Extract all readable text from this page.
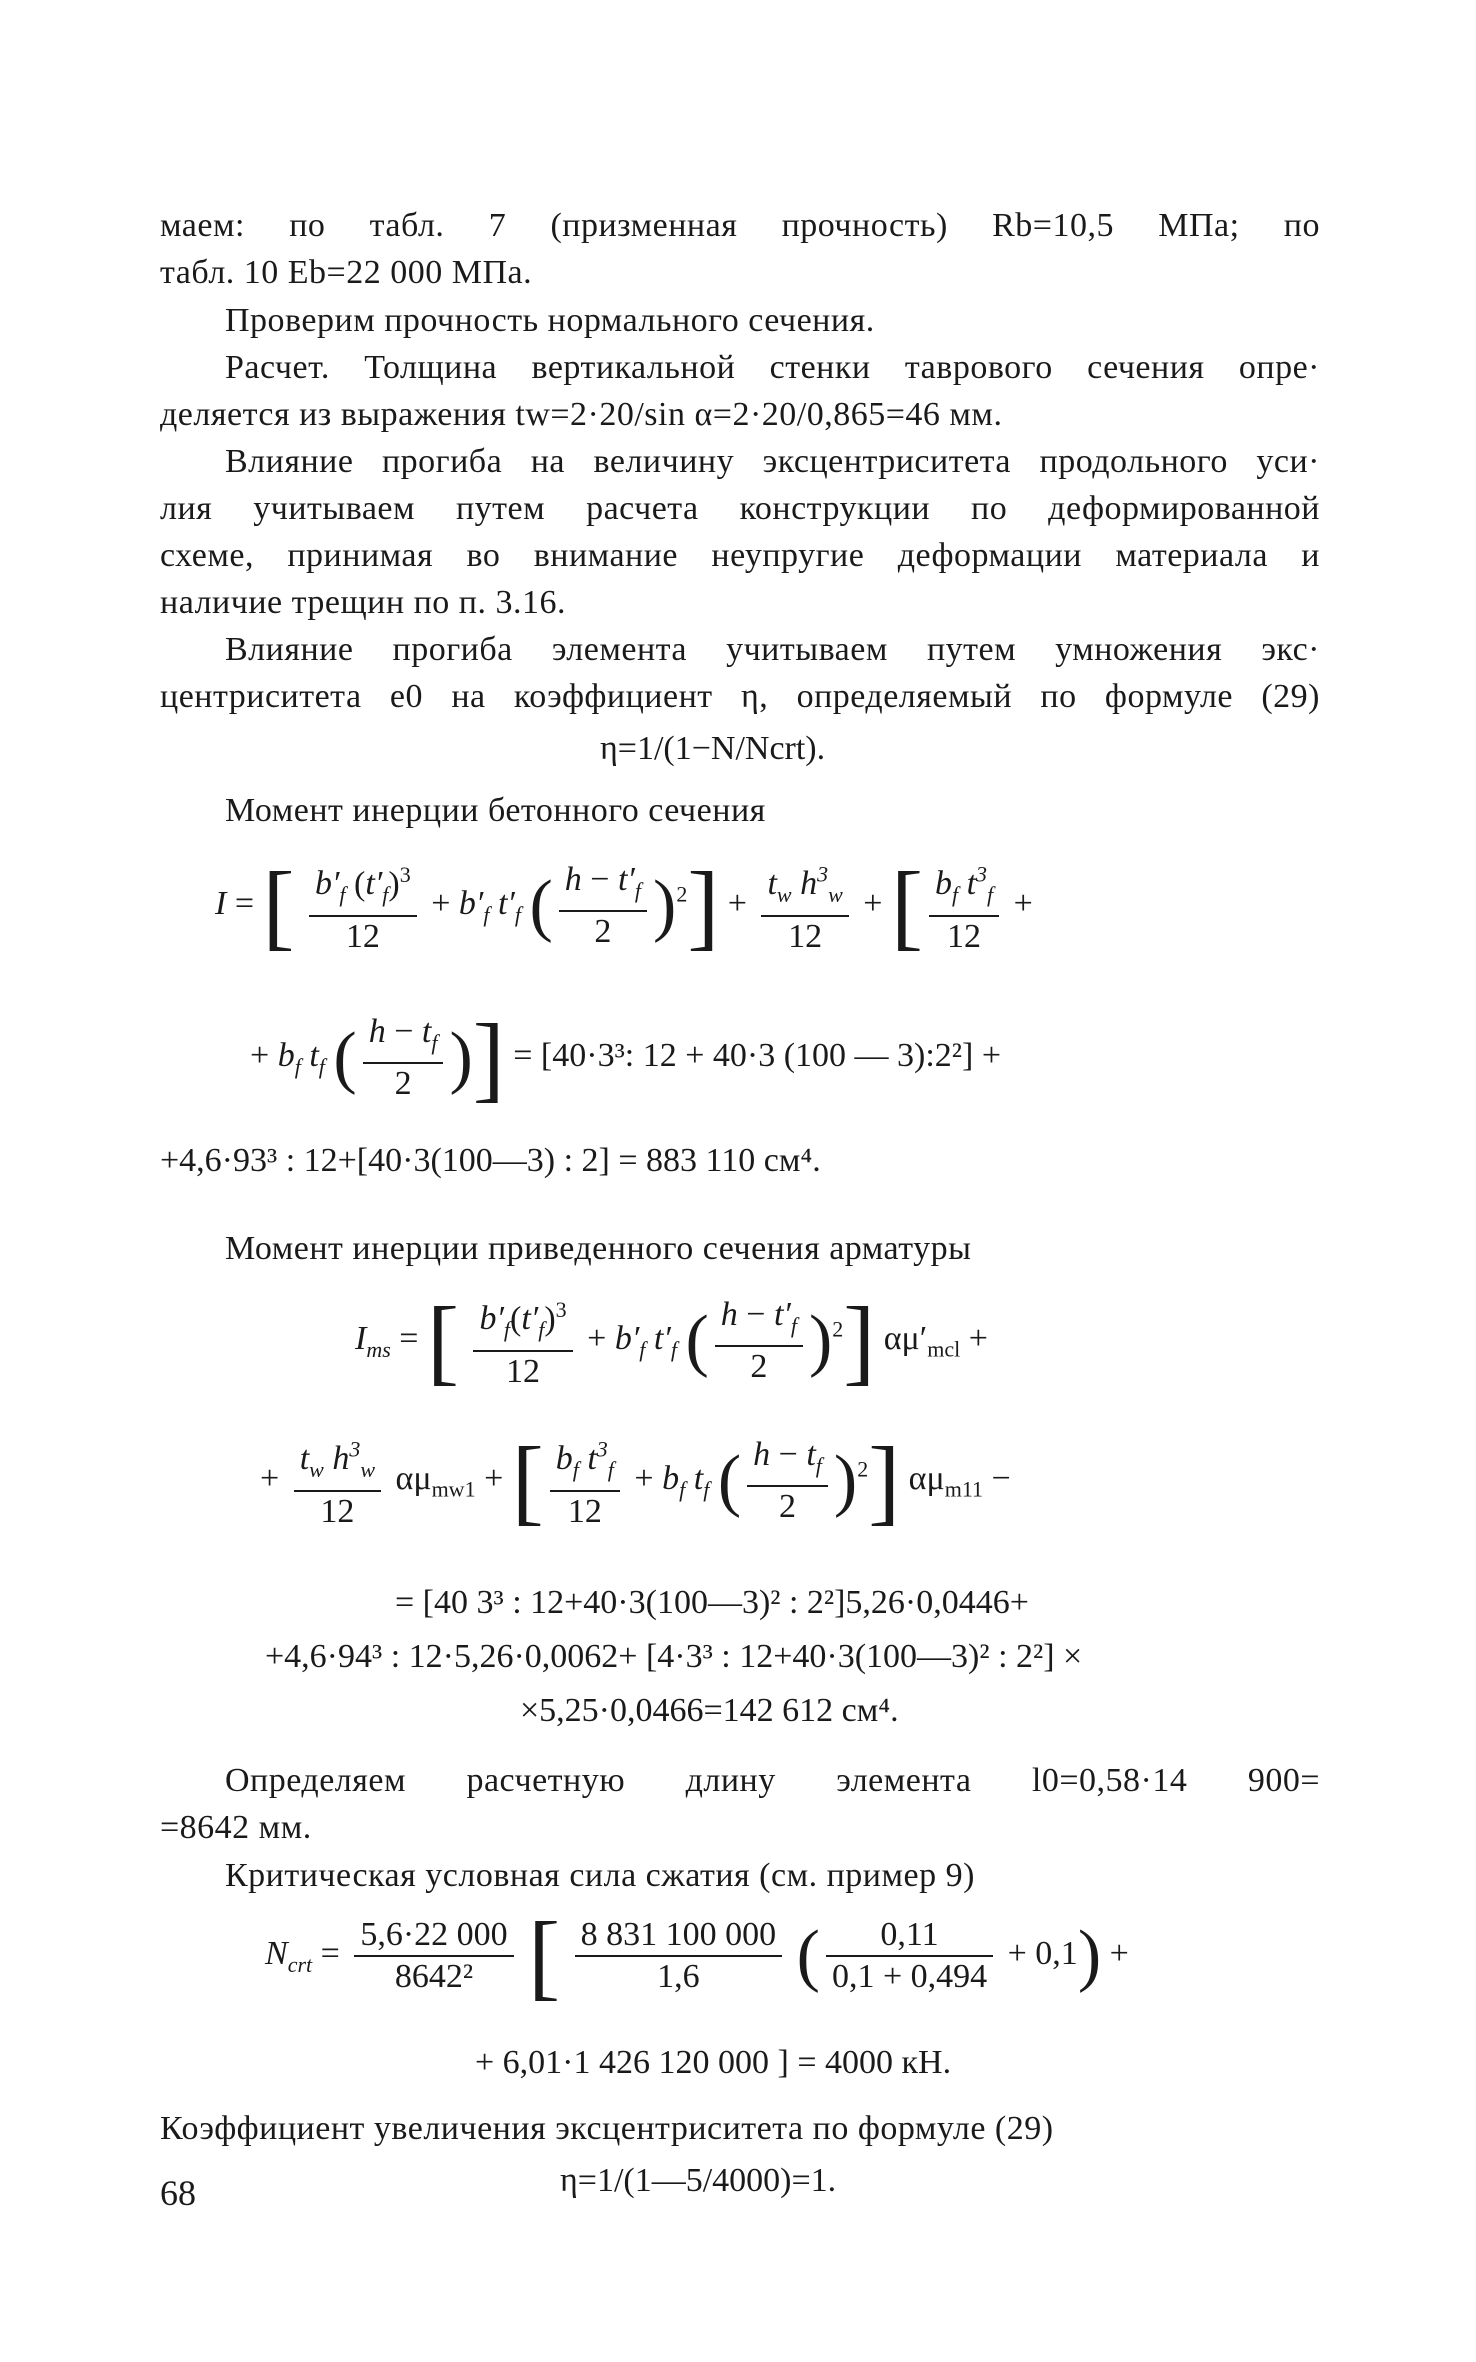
маем: по табл. 7 (призменная прочность) Rb=10,5 МПа; по
табл. 10 Eb=22 000 МПа.
Проверим прочность нормального сечения.
Расчет. Толщина вертикальной стенки таврового сечения опре·
деляется из выражения tw=2·20/sin α=2·20/0,865=46 мм.
Влияние прогиба на величину эксцентриситета продольного уси·
лия учитываем путем расчета конструкции по деформированной
схеме, принимая во внимание неупругие деформации материала и
наличие трещин по п. 3.16.
Влияние прогиба элемента учитываем путем умножения экс·
центриситета e0 на коэффициент η, определяемый по формуле (29)
η=1/(1−N/Ncrt).
Момент инерции бетонного сечения
I = [ $\frac{b'_f (t'_f)^3}{12} + b'_f$ $t'_f$ ( $\frac{h - t'_f}{2} )^2] + \frac{t_w h^3_w}{12}$ + [ $\frac{b_f t^3_f}{12}$ +
+ $b_f$ $t_f$ ( $\frac{h - t_f}{2}$ )] = [40·3³: 12 + 40·3 (100 — 3):2²] +
+4,6·93³ : 12+[40·3(100—3) : 2] = 883 110 см⁴.
Момент инерции приведенного сечения арматуры
$I_{ms}$ = [ $\frac{b'_f(t'_f)^3}{12} + b'_f$ $t'_f$ ( $\frac{h - t'_f}{2} )^2$] $\alpha\mu'_{mcl}$ +
+ $\frac{t_w h^3_w}{12} \alpha\mu_{mw1}$ + [ $\frac{b_f t^3_f}{12} + b_f$ $t_f$ ( $\frac{h - t_f}{2} )^2$] $\alpha\mu_{m11}$ −
= [40 3³ : 12+40·3(100—3)² : 2²]5,26·0,0446+
+4,6·94³ : 12·5,26·0,0062+ [4·3³ : 12+40·3(100—3)² : 2²] ×
×5,25·0,0466=142 612 см⁴.
Определяем расчетную длину элемента l0=0,58·14 900=
=8642 мм.
Критическая условная сила сжатия (см. пример 9)
$N_{crt} = \frac{5,6\cdot 22 000}{\text{8642²}}$ [ $\frac{8 831 100 000}{1,6}$ ( $\frac{0,11}{0,1 + 0,494} + 0,1$) +
+ 6,01·1 426 120 000 ] = 4000 кН.
Коэффициент увеличения эксцентриситета по формуле (29)
η=1/(1—5/4000)=1.
68
